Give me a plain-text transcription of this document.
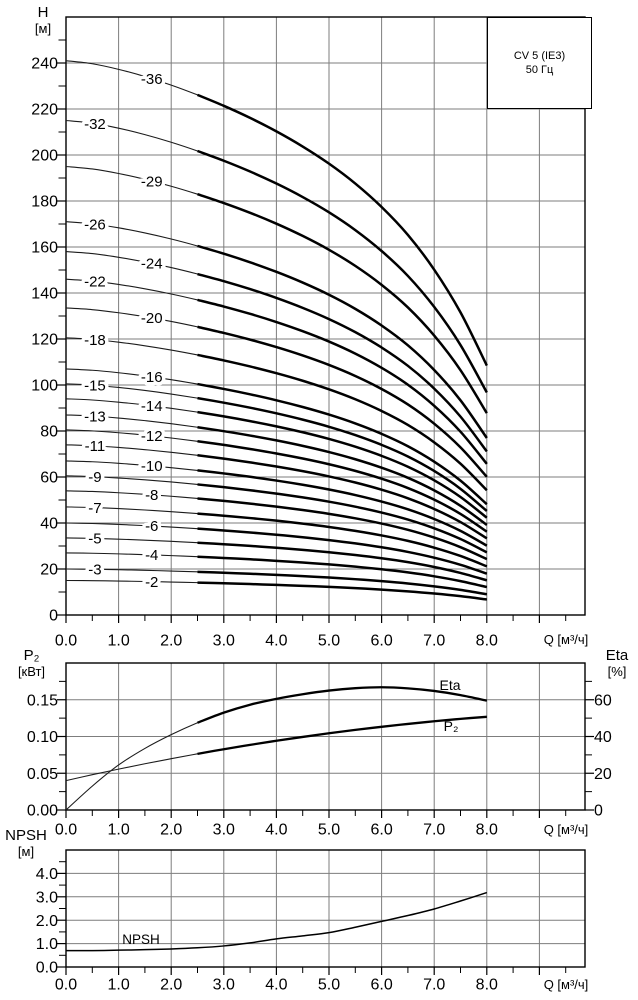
0
20
40
60
80
100
120
140
160
180
200
220
240
0.0 1.0 2.0 3.0 4.0 5.0 6.0 7.0 8.0
-36
-32
-29
-26
-24
-22
-20
-18
-16
-15
-14
-13
-12
-11
-10
-9
-8
-7
-6
-5
-4
-3
-2
0.00
0.05
0.10
0.15
0
20
40
60
0.0 1.0 2.0 3.0 4.0 5.0 6.0 7.0 8.0
0.0
1.0
2.0
3.0
4.0
0.0 1.0 2.0 3.0 4.0 5.0 6.0 7.0 8.0
H
[м]
Q [м³/ч]
Q [м³/ч]
Q [м³/ч]
P₂
[кВт]
Eta
[%]
NPSH
[м]
Eta
P₂
NPSH
CV 5 (IE3)
50 Гц
